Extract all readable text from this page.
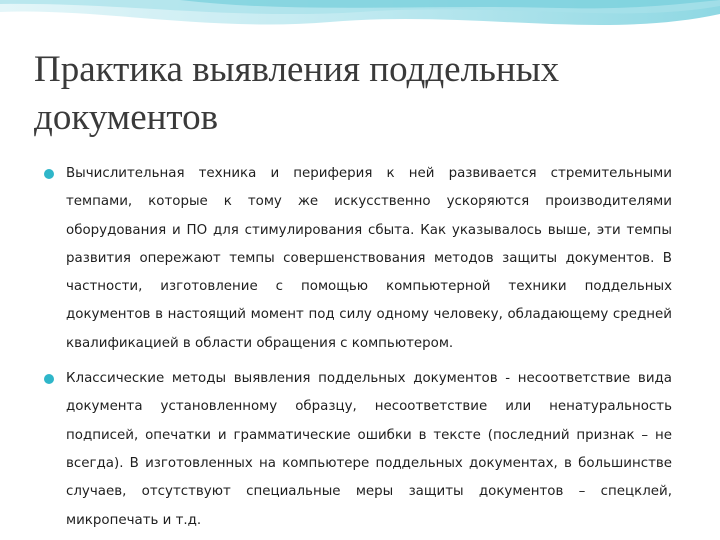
Практика выявления поддельных документов
Вычислительная техника и периферия к ней развивается стремительными темпами, которые к тому же искусственно ускоряются производителями оборудования и ПО для стимулирования сбыта. Как указывалось выше, эти темпы развития опережают темпы совершенствования методов защиты документов. В частности, изготовление с помощью компьютерной техники поддельных документов в настоящий момент под силу одному человеку, обладающему средней квалификацией в области обращения с компьютером.
Классические методы выявления поддельных документов - несоответствие вида документа установленному образцу, несоответствие или ненатуральность подписей, опечатки и грамматические ошибки в тексте (последний признак – не всегда). В изготовленных на компьютере поддельных документах, в большинстве случаев, отсутствуют специальные меры защиты документов – спецклей, микропечать и т.д.
